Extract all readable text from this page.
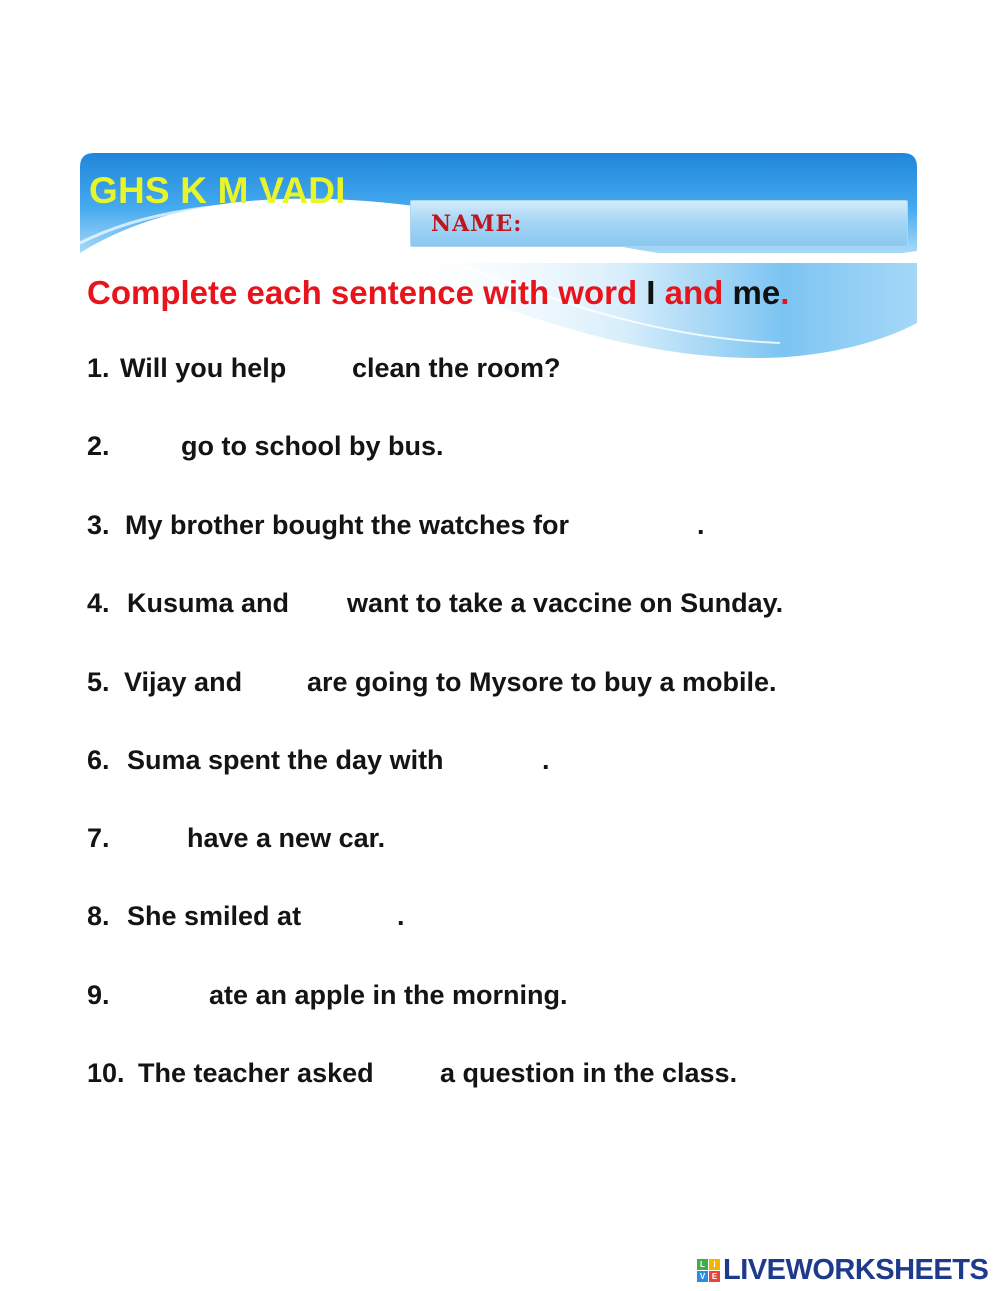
GHS K M VADI
NAME:
Complete each sentence with word I and me.
1. Will you help clean the room?
2.	go to school by bus.
3. My brother bought the watches for	.
4. Kusuma and want to take a vaccine on Sunday.
5. Vijay and are going to Mysore to buy a mobile.
6. Suma spent the day with	.
7.	have a new car.
8. She smiled at	.
9.	ate an apple in the morning.
10. The teacher asked a question in the class.
L	I
V E LIVEWORKSHEETS
